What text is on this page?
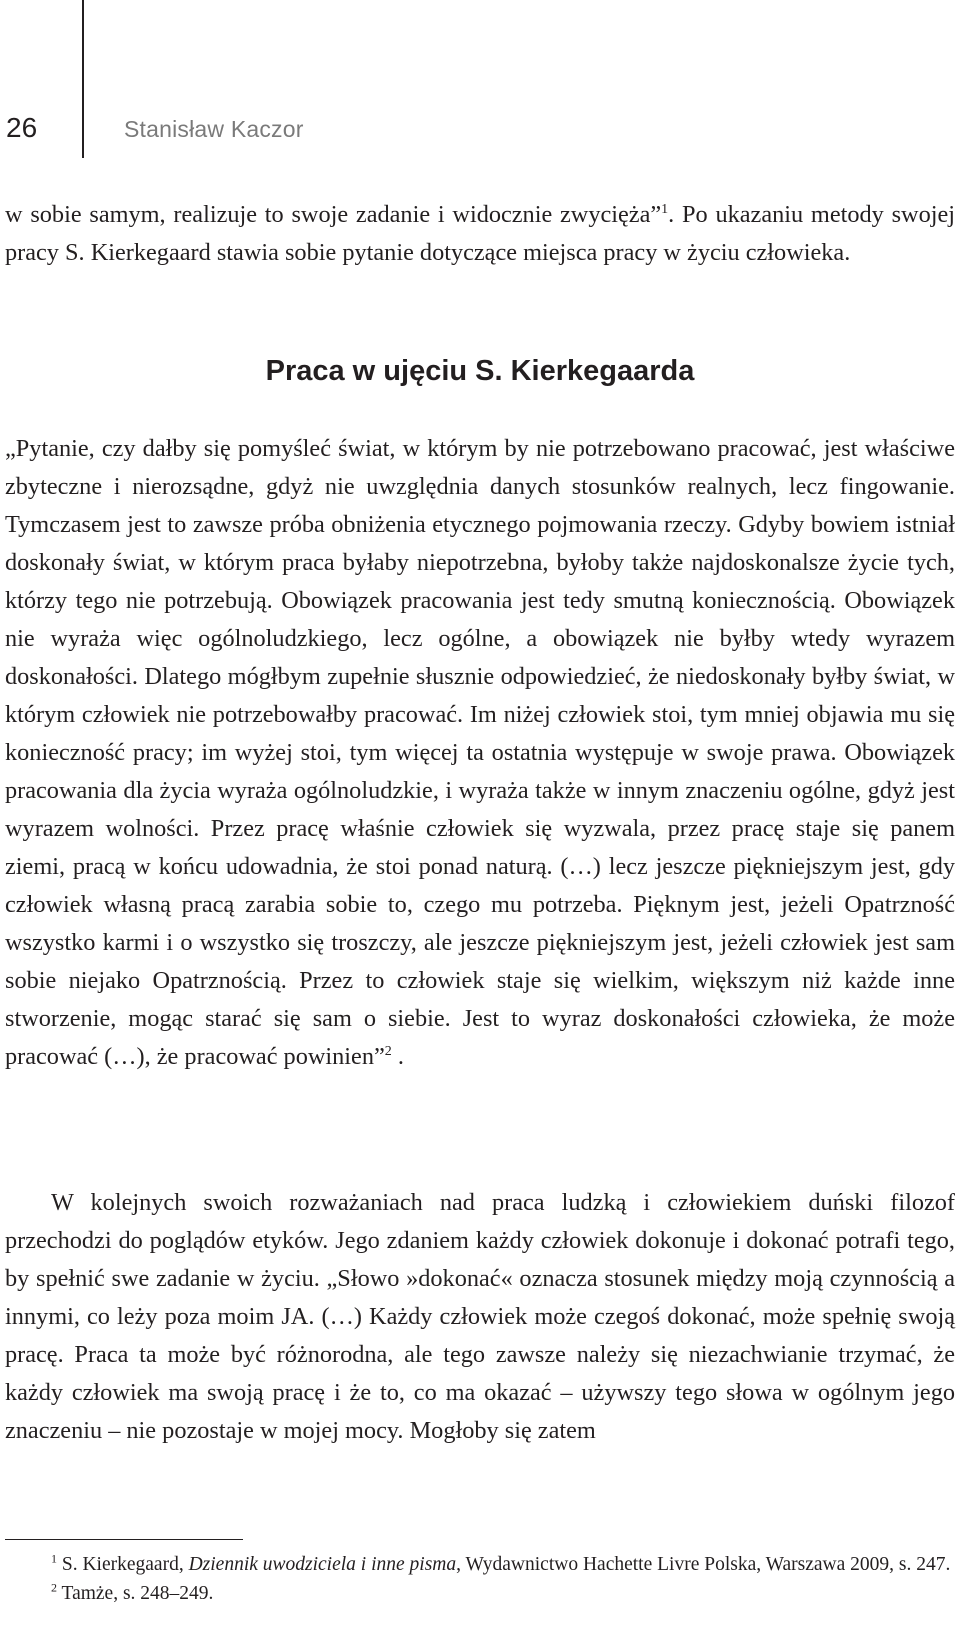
26	Stanisław Kaczor

w sobie samym, realizuje to swoje zadanie i widocznie zwycięża”$^1$. Po ukazaniu metody swojej pracy S. Kierkegaard stawia sobie pytanie dotyczące miejsca pracy w życiu człowieka.

Praca w ujęciu S. Kierkegaarda

„Pytanie, czy dałby się pomyśleć świat, w którym by nie potrzebowano pracować, jest właściwe zbyteczne i nierozsądne, gdyż nie uwzględnia danych stosunków realnych, lecz fingowanie. Tymczasem jest to zawsze próba obniżenia etycznego pojmowania rzeczy. Gdyby bowiem istniał doskonały świat, w którym praca byłaby niepotrzebna, byłoby także najdoskonalsze życie tych, którzy tego nie potrzebują. Obowiązek pracowania jest tedy smutną koniecznością. Obowiązek nie wyraża więc ogólnoludzkiego, lecz ogólne, a obowiązek nie byłby wtedy wyrazem doskonałości. Dlatego mógłbym zupełnie słusznie odpowiedzieć, że niedoskonały byłby świat, w którym człowiek nie potrzebowałby pracować. Im niżej człowiek stoi, tym mniej objawia mu się konieczność pracy; im wyżej stoi, tym więcej ta ostatnia występuje w swoje prawa. Obowiązek pracowania dla życia wyraża ogólnoludzkie, i wyraża także w innym znaczeniu ogólne, gdyż jest wyrazem wolności. Przez pracę właśnie człowiek się wyzwala, przez pracę staje się panem ziemi, pracą w końcu udowadnia, że stoi ponad naturą. (…) lecz jeszcze piękniejszym jest, gdy człowiek własną pracą zarabia sobie to, czego mu potrzeba. Pięknym jest, jeżeli Opatrzność wszystko karmi i o wszystko się troszczy, ale jeszcze piękniejszym jest, jeżeli człowiek jest sam sobie niejako Opatrznością. Przez to człowiek staje się wielkim, większym niż każde inne stworzenie, mogąc starać się sam o siebie. Jest to wyraz doskonałości człowieka, że może pracować (…), że pracować powinien”$^2$ .

W kolejnych swoich rozważaniach nad praca ludzką i człowiekiem duński filozof przechodzi do poglądów etyków. Jego zdaniem każdy człowiek dokonuje i dokonać potrafi tego, by spełnić swe zadanie w życiu. „Słowo »dokonać« oznacza stosunek między moją czynnością a innymi, co leży poza moim JA. (…) Każdy człowiek może czegoś dokonać, może spełnię swoją pracę. Praca ta może być różnorodna, ale tego zawsze należy się niezachwianie trzymać, że każdy człowiek ma swoją pracę i że to, co ma okazać – używszy tego słowa w ogólnym jego znaczeniu – nie pozostaje w mojej mocy. Mogłoby się zatem

$^1$ S. Kierkegaard, Dziennik uwodziciela i inne pisma, Wydawnictwo Hachette Livre Polska, Warszawa 2009, s. 247.

$^2$ Tamże, s. 248–249.
